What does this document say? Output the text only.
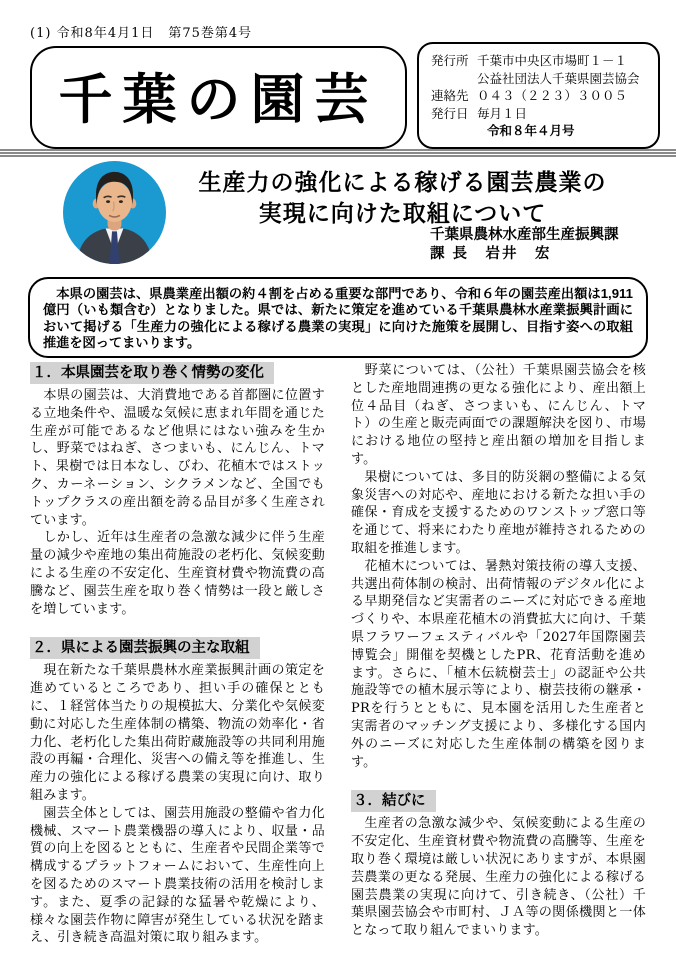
(1) 令和8年4月1日　第75巻第4号
千葉の園芸
発行所 千葉市中央区市場町１－１
公益社団法人千葉県園芸協会
連絡先 ０４３（２２３）３００５
発行日 毎月１日
令和８年４月号
生産力の強化による稼げる園芸農業の
実現に向けた取組について
千葉県農林水産部生産振興課
課 長　岩井　宏
　本県の園芸は、県農業産出額の約４割を占める重要な部門であり、令和６年の園芸産出額は1,911億円（いも類含む）となりました。県では、新たに策定を進めている千葉県農林水産業振興計画において掲げる「生産力の強化による稼げる農業の実現」に向けた施策を展開し、目指す姿への取組推進を図ってまいります。
１．本県園芸を取り巻く情勢の変化

　本県の園芸は、大消費地である首都圏に位置する立地条件や、温暖な気候に恵まれ年間を通じた生産が可能であるなど他県にはない強みを生かし、野菜ではねぎ、さつまいも、にんじん、トマト、果樹では日本なし、びわ、花植木ではストック、カーネーション、シクラメンなど、全国でもトップクラスの産出額を誇る品目が多く生産されています。

　しかし、近年は生産者の急激な減少に伴う生産量の減少や産地の集出荷施設の老朽化、気候変動による生産の不安定化、生産資材費や物流費の高騰など、園芸生産を取り巻く情勢は一段と厳しさを増しています。

２．県による園芸振興の主な取組

　現在新たな千葉県農林水産業振興計画の策定を進めているところであり、担い手の確保とともに、１経営体当たりの規模拡大、分業化や気候変動に対応した生産体制の構築、物流の効率化・省力化、老朽化した集出荷貯蔵施設等の共同利用施設の再編・合理化、災害への備え等を推進し、生産力の強化による稼げる農業の実現に向け、取り組みます。

　園芸全体としては、園芸用施設の整備や省力化機械、スマート農業機器の導入により、収量・品質の向上を図るとともに、生産者や民間企業等で構成するプラットフォームにおいて、生産性向上を図るためのスマート農業技術の活用を検討します。また、夏季の記録的な猛暑や乾燥により、様々な園芸作物に障害が発生している状況を踏まえ、引き続き高温対策に取り組みます。

　野菜については、（公社）千葉県園芸協会を核とした産地間連携の更なる強化により、産出額上位４品目（ねぎ、さつまいも、にんじん、トマト）の生産と販売両面での課題解決を図り、市場における地位の堅持と産出額の増加を目指します。

　果樹については、多目的防災網の整備による気象災害への対応や、産地における新たな担い手の確保・育成を支援するためのワンストップ窓口等を通じて、将来にわたり産地が維持されるための取組を推進します。

　花植木については、暑熱対策技術の導入支援、共選出荷体制の検討、出荷情報のデジタル化による早期発信など実需者のニーズに対応できる産地づくりや、本県産花植木の消費拡大に向け、千葉県フラワーフェスティバルや「2027年国際園芸博覧会」開催を契機としたPR、花育活動を進めます。さらに、「植木伝統樹芸士」の認証や公共施設等での植木展示等により、樹芸技術の継承・PRを行うとともに、見本園を活用した生産者と実需者のマッチング支援により、多様化する国内外のニーズに対応した生産体制の構築を図ります。

３．結びに

　生産者の急激な減少や、気候変動による生産の不安定化、生産資材費や物流費の高騰等、生産を取り巻く環境は厳しい状況にありますが、本県園芸農業の更なる発展、生産力の強化による稼げる園芸農業の実現に向けて、引き続き、（公社）千葉県園芸協会や市町村、ＪＡ等の関係機関と一体となって取り組んでまいります。
